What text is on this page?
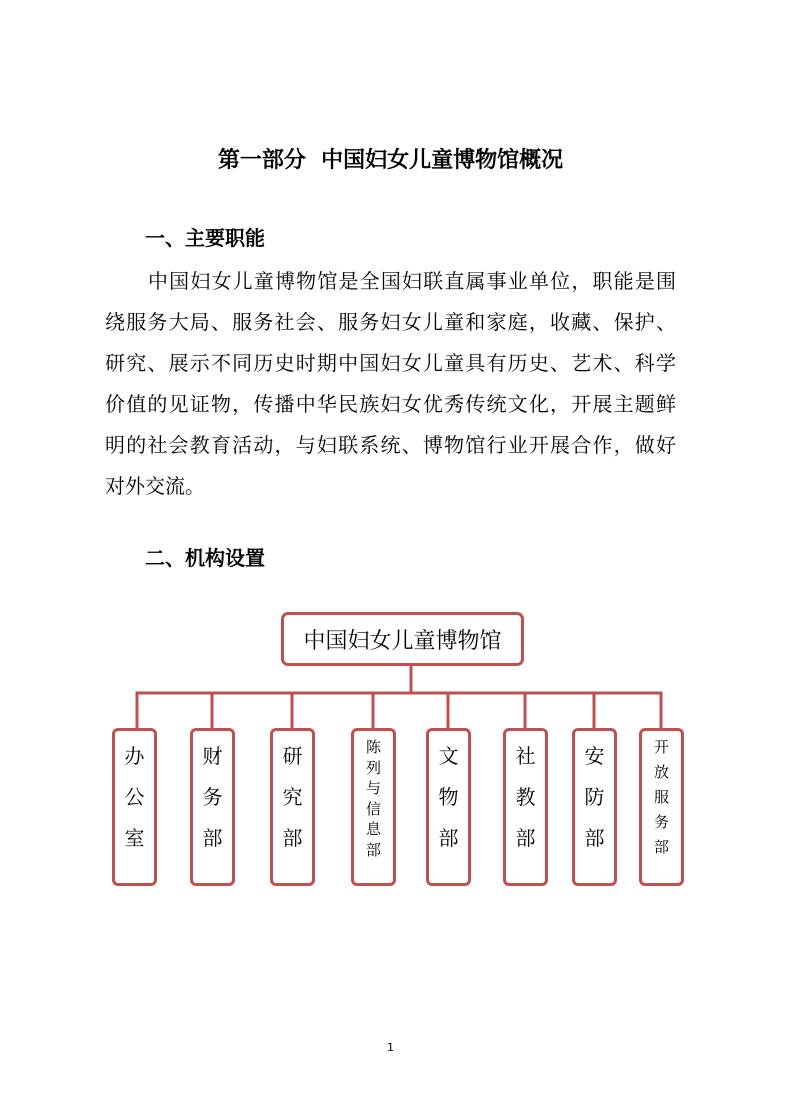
第一部分  中国妇女儿童博物馆概况
一、主要职能
中国妇女儿童博物馆是全国妇联直属事业单位，职能是围
绕服务大局、服务社会、服务妇女儿童和家庭，收藏、保护、
研究、展示不同历史时期中国妇女儿童具有历史、艺术、科学
价值的见证物，传播中华民族妇女优秀传统文化，开展主题鲜
明的社会教育活动，与妇联系统、博物馆行业开展合作，做好
对外交流。
二、机构设置
中国妇女儿童博物馆
办公室
财务部
研究部
陈列与信息部
文物部
社教部
安防部
开放服务部
1
